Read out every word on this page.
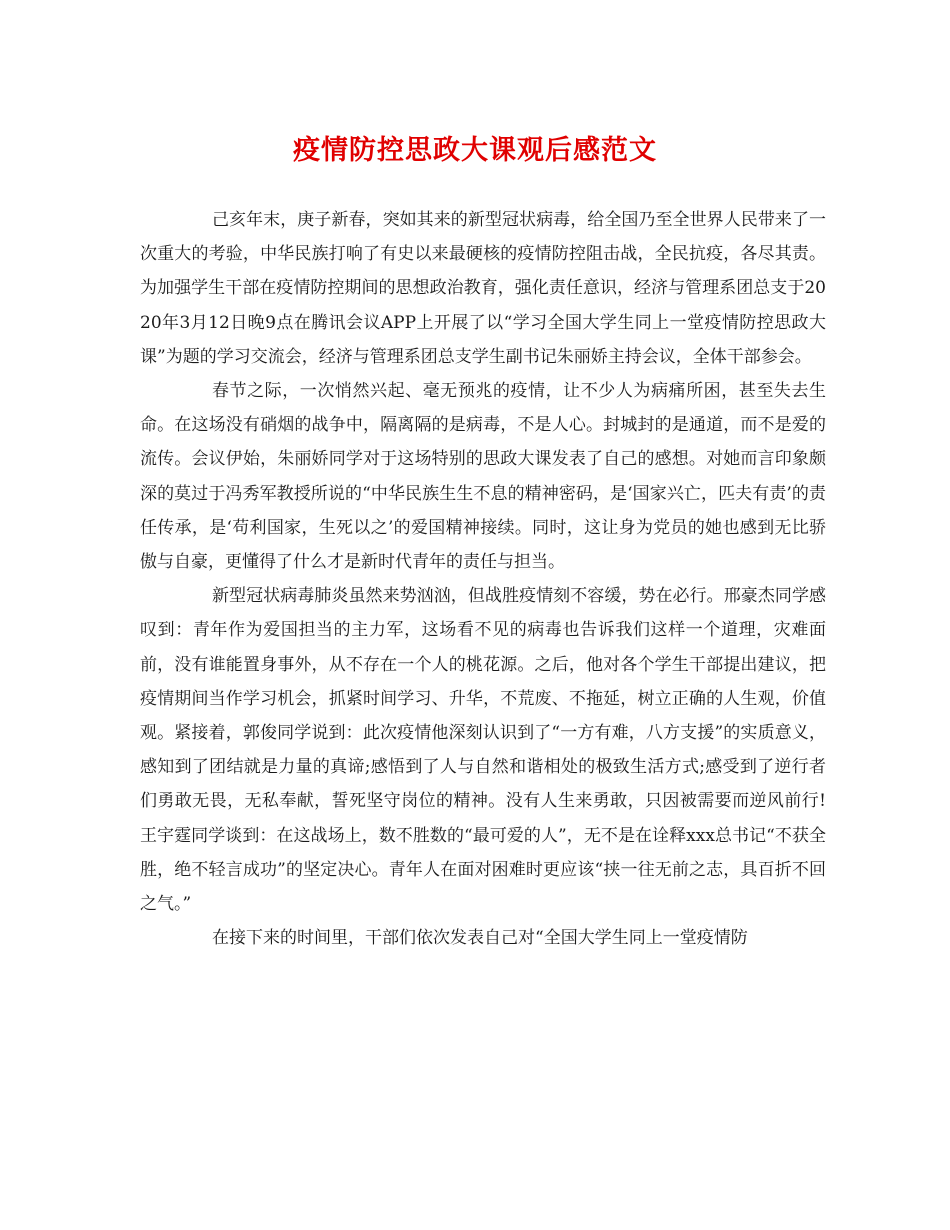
疫情防控思政大课观后感范文

己亥年末，庚子新春，突如其来的新型冠状病毒，给全国乃至全世界人民带来了一次重大的考验，中华民族打响了有史以来最硬核的疫情防控阻击战，全民抗疫，各尽其责。为加强学生干部在疫情防控期间的思想政治教育，强化责任意识，经济与管理系团总支于2020年3月12日晚9点在腾讯会议APP上开展了以“学习全国大学生同上一堂疫情防控思政大课”为题的学习交流会，经济与管理系团总支学生副书记朱丽娇主持会议，全体干部参会。

春节之际，一次悄然兴起、毫无预兆的疫情，让不少人为病痛所困，甚至失去生命。在这场没有硝烟的战争中，隔离隔的是病毒，不是人心。封城封的是通道，而不是爱的流传。会议伊始，朱丽娇同学对于这场特别的思政大课发表了自己的感想。对她而言印象颇深的莫过于冯秀军教授所说的“中华民族生生不息的精神密码，是‘国家兴亡，匹夫有责’的责任传承，是‘苟利国家，生死以之’的爱国精神接续。同时，这让身为党员的她也感到无比骄傲与自豪，更懂得了什么才是新时代青年的责任与担当。

新型冠状病毒肺炎虽然来势汹汹，但战胜疫情刻不容缓，势在必行。邢豪杰同学感叹到：青年作为爱国担当的主力军，这场看不见的病毒也告诉我们这样一个道理，灾难面前，没有谁能置身事外，从不存在一个人的桃花源。之后，他对各个学生干部提出建议，把疫情期间当作学习机会，抓紧时间学习、升华，不荒废、不拖延，树立正确的人生观，价值观。紧接着，郭俊同学说到：此次疫情他深刻认识到了“一方有难，八方支援”的实质意义，感知到了团结就是力量的真谛;感悟到了人与自然和谐相处的极致生活方式;感受到了逆行者们勇敢无畏，无私奉献，誓死坚守岗位的精神。没有人生来勇敢，只因被需要而逆风前行!王宇霆同学谈到：在这战场上，数不胜数的“最可爱的人”，无不是在诠释xxx总书记“不获全胜，绝不轻言成功”的坚定决心。青年人在面对困难时更应该“挟一往无前之志，具百折不回之气。”

在接下来的时间里，干部们依次发表自己对“全国大学生同上一堂疫情防
